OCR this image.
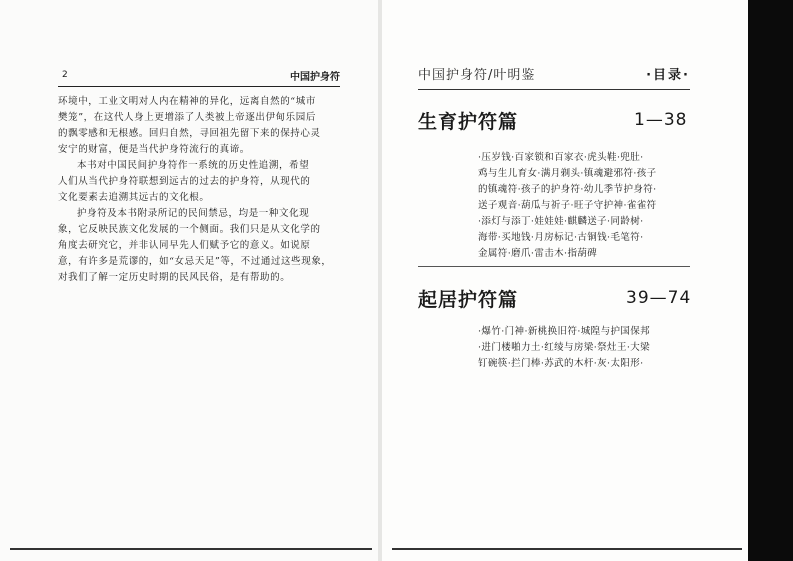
2	中国护身符
环境中，工业文明对人内在精神的异化，远离自然的“城市
樊笼”，在这代人身上更增添了人类被上帝逐出伊甸乐园后
的飘零感和无根感。回归自然，寻回祖先留下来的保持心灵
安宁的财富，便是当代护身符流行的真谛。
本书对中国民间护身符作一系统的历史性追溯，希望
人们从当代护身符联想到远古的过去的护身符，从现代的
文化要素去追溯其远古的文化根。
护身符及本书附录所记的民间禁忌，均是一种文化现
象，它反映民族文化发展的一个侧面。我们只是从文化学的
角度去研究它，并非认同早先人们赋予它的意义。如说原
意，有许多是荒谬的，如“女忌天足”等，不过通过这些现象，
对我们了解一定历史时期的民风民俗，是有帮助的。
中国护身符/叶明鉴	·目录·
生育护符篇	1—38
·压岁钱·百家锁和百家衣·虎头鞋·兜肚·
鸡与生儿育女·满月剃头·镇魂避邪符·孩子
的镇魂符·孩子的护身符·幼儿季节护身符·
送子观音·葫瓜与祈子·旺子守护神·雀雀符
·添灯与添丁·娃娃娃·麒麟送子·同龄树·
海带·买地钱·月房标记·古铜钱·毛笔符·
金属符·磨爪·雷击木·指葫碑
起居护符篇	39—74
·爆竹·门神·新桃换旧符·城隍与护国保邦
·进门楼啪力土·红绫与房梁·祭灶王·大梁
钉碗筷·拦门棒·苏武的木杆·灰·太阳形·
